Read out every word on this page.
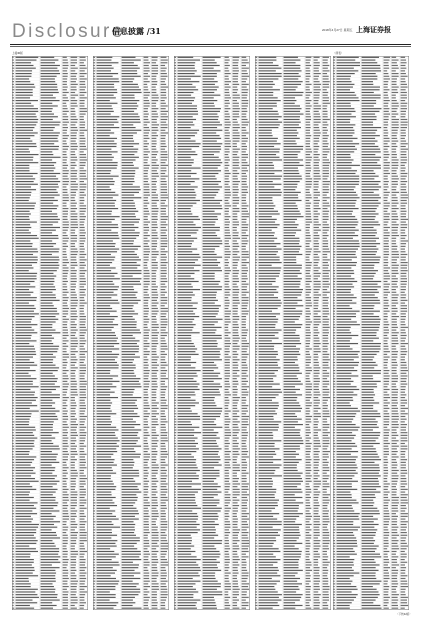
Disclosure
信息披露 /31	2018年4月27日 星期五 上海证券报
上接30版	（续表）
（下转32版）
